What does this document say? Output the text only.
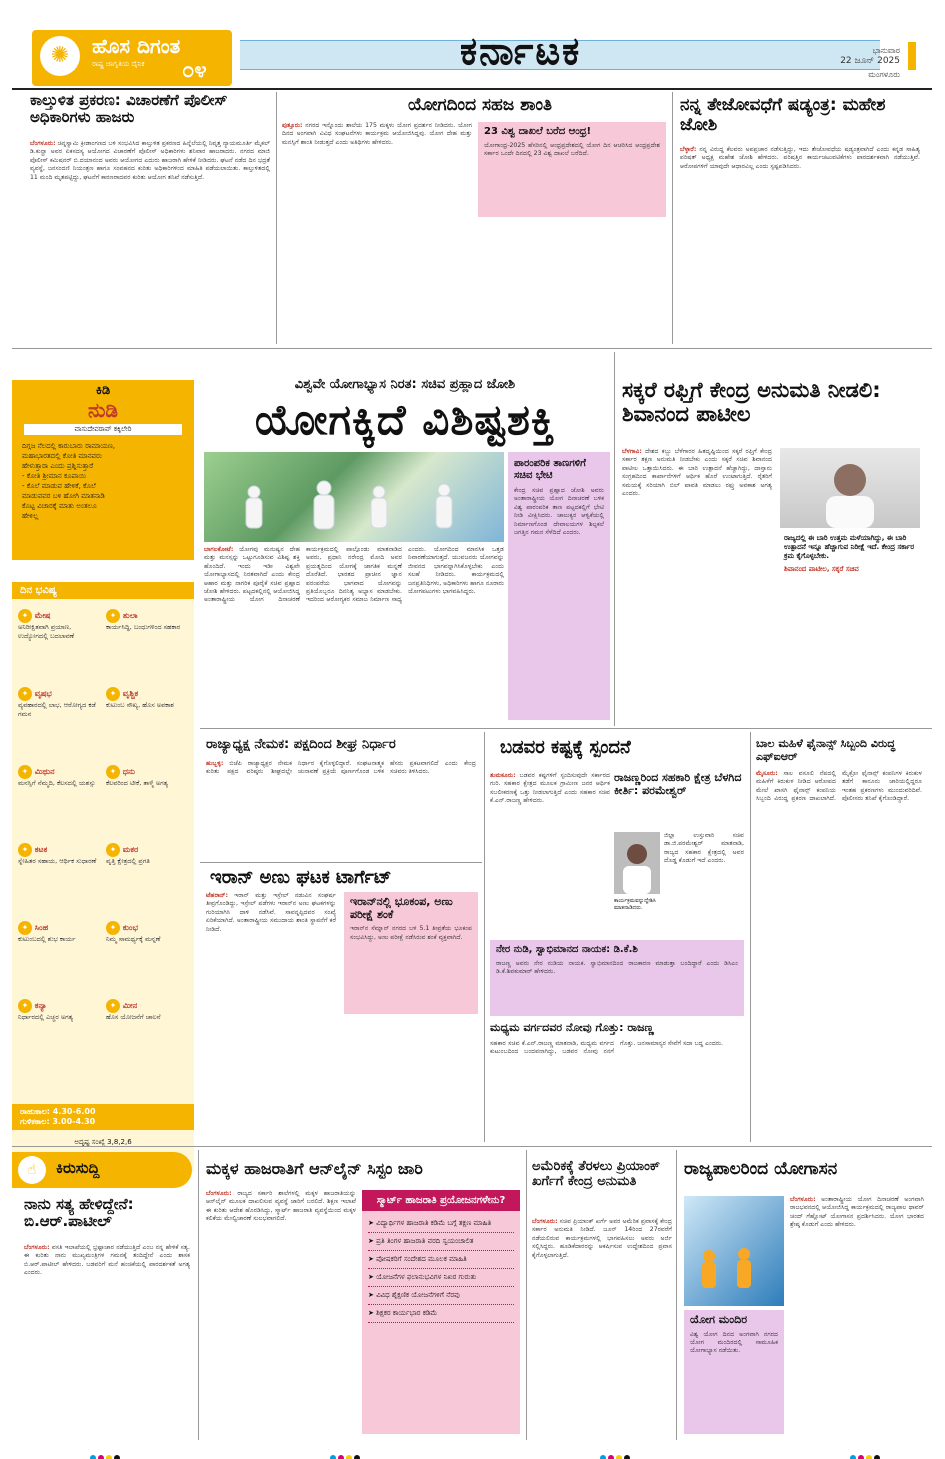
✺	ಹೊಸ ದಿಗಂತ
ರಾಷ್ಟ್ರ ಜಾಗೃತಿಯ ದೈನಿಕ ೦೪	ಕರ್ನಾಟಕ	ಭಾನುವಾರ
22 ಜೂನ್ 2025
ಮಂಗಳೂರು
ಕಾಲ್ತುಳಿತ ಪ್ರಕರಣ: ವಿಚಾರಣೆಗೆ ಪೊಲೀಸ್ ಅಧಿಕಾರಿಗಳು ಹಾಜರು
ಬೆಂಗಳೂರು: ಚಿನ್ನಸ್ವಾಮಿ ಕ್ರೀಡಾಂಗಣದ ಬಳಿ ಸಂಭವಿಸಿದ ಕಾಲ್ತುಳಿತ ಪ್ರಕರಣದ ಹಿನ್ನೆಲೆಯಲ್ಲಿ ನಿವೃತ್ತ ನ್ಯಾಯಮೂರ್ತಿ ಮೈಕಲ್ ಡಿ.ಕುನ್ಹಾ ಅವರ ಏಕಸದಸ್ಯ ಆಯೋಗದ ವಿಚಾರಣೆಗೆ ಪೊಲೀಸ್ ಅಧಿಕಾರಿಗಳು ಶನಿವಾರ ಹಾಜರಾದರು. ನಗರದ ಮಾಜಿ ಪೊಲೀಸ್ ಕಮಿಷನರ್ ಬಿ.ದಯಾನಂದ ಅವರು ಆಯೋಗದ ಎದುರು ಹಾಜರಾಗಿ ಹೇಳಿಕೆ ನೀಡಿದರು. ಘಟನೆ ನಡೆದ ದಿನ ಭದ್ರತೆ ವ್ಯವಸ್ಥೆ, ಜನಸಂದಣಿ ನಿಯಂತ್ರಣ ಹಾಗೂ ಸಂವಹನದ ಕುರಿತು ಅಧಿಕಾರಿಗಳಿಂದ ಮಾಹಿತಿ ಪಡೆಯಲಾಯಿತು. ಕಾಲ್ತುಳಿತದಲ್ಲಿ 11 ಮಂದಿ ಮೃತಪಟ್ಟಿದ್ದು, ಘಟನೆಗೆ ಕಾರಣರಾದವರ ಕುರಿತು ಆಯೋಗ ತನಿಖೆ ನಡೆಸುತ್ತಿದೆ.
ಯೋಗದಿಂದ ಸಹಜ ಶಾಂತಿ
ಪುತ್ತೂರು: ನಗರದ ಇನ್ನೊಂದು ಶಾಲೆಯ 175 ಮಕ್ಕಳು ಯೋಗ ಪ್ರದರ್ಶನ ನೀಡಿದರು. ಯೋಗ ದಿನದ ಅಂಗವಾಗಿ ವಿವಿಧ ಸಂಘಟನೆಗಳು ಕಾರ್ಯಕ್ರಮ ಆಯೋಜಿಸಿದ್ದವು. ಯೋಗ ದೇಹ ಮತ್ತು ಮನಸ್ಸಿಗೆ ಶಾಂತಿ ನೀಡುತ್ತದೆ ಎಂದು ಅತಿಥಿಗಳು ಹೇಳಿದರು.
23 ವಿಶ್ವ ದಾಖಲೆ ಬರೆದ ಆಂಧ್ರ!
ಯೋಗಾಂಧ್ರ-2025 ಹೆಸರಿನಲ್ಲಿ ಆಂಧ್ರಪ್ರದೇಶದಲ್ಲಿ ಯೋಗ ದಿನ ಆಚರಿಸಿದ ಆಂಧ್ರಪ್ರದೇಶ ಸರ್ಕಾರ ಒಂದೇ ದಿನದಲ್ಲಿ 23 ವಿಶ್ವ ದಾಖಲೆ ಬರೆದಿದೆ.
ನನ್ನ ತೇಜೋವಧೆಗೆ ಷಡ್ಯಂತ್ರ: ಮಹೇಶ ಜೋಶಿ
ಬೆಳ್ಳಾರೆ: ನನ್ನ ವಿರುದ್ಧ ಕೆಲವರು ಅಪಪ್ರಚಾರ ನಡೆಸುತ್ತಿದ್ದು, ಇದು ತೇಜೋವಧೆಯ ಷಡ್ಯಂತ್ರವಾಗಿದೆ ಎಂದು ಕನ್ನಡ ಸಾಹಿತ್ಯ ಪರಿಷತ್ ಅಧ್ಯಕ್ಷ ಮಹೇಶ ಜೋಶಿ ಹೇಳಿದರು. ಪರಿಷತ್ತಿನ ಕಾರ್ಯಚಟುವಟಿಕೆಗಳು ಪಾರದರ್ಶಕವಾಗಿ ನಡೆಯುತ್ತಿವೆ. ಆರೋಪಗಳಿಗೆ ಯಾವುದೇ ಆಧಾರವಿಲ್ಲ ಎಂದು ಸ್ಪಷ್ಟಪಡಿಸಿದರು.
ಕಿಡಿ
ನುಡಿ
ವಾಸುದೇವರಾವ್ ಕಕ್ಕಿಲೇರಿ
ದಿಗ್ಗಜ ನೆಲದಲ್ಲಿ ಕಾರುಬಾರು ರಾಮಾಯಣ,
ಮಹಾಭಾರತದಲ್ಲಿ ಕೋತಿ ಮಾನವರು
ಹೇಳುತ್ತಾರಾ ಎಂದು ಪ್ರಶ್ನಿಸುತ್ತಾರೆ
- ಕೋತಿ ಶ್ರೀಮಾನ ಕೂಪಾಯಿ
- ಕೊಲೆ ಮಾಡುವ ಹೇಳಿಕೆ, ಕೊಲೆ
ಮಾಡುವವರ ಬಳಿ ಹೋಗಿ ಮಾತನಾಡಿ
ಕೊಟ್ಟ ವಿಚಾರಕ್ಕೆ ಮಾತು ಅಂತಲೂ
ಹೇಳಿಲ್ಲ
ದಿನ ಭವಿಷ್ಯ
✦ ಮೇಷ
ಅನಿರೀಕ್ಷಿತವಾಗಿ ಪ್ರಯಾಣ, ಉದ್ಯೋಗದಲ್ಲಿ ಬದಲಾವಣೆ
✦ ತುಲಾ
ಕಾರ್ಯಸಿದ್ಧಿ, ಬಂಧುಗಳಿಂದ ಸಹಕಾರ
✦ ವೃಷಭ
ವ್ಯವಹಾರದಲ್ಲಿ ಲಾಭ, ಆರೋಗ್ಯದ ಕಡೆ ಗಮನ
✦ ವೃಶ್ಚಿಕ
ಕುಟುಂಬ ಸೌಖ್ಯ, ಹೊಸ ಅವಕಾಶ
✦ ಮಿಥುನ
ಮನಸ್ಸಿಗೆ ನೆಮ್ಮದಿ, ಕೆಲಸದಲ್ಲಿ ಯಶಸ್ಸು
✦ ಧನು
ಕೆಲವರಿಂದ ಟೀಕೆ, ತಾಳ್ಮೆ ಅಗತ್ಯ
✦ ಕಟಕ
ಸ್ನೇಹಿತರ ಸಹಾಯ, ಆರ್ಥಿಕ ಸುಧಾರಣೆ
✦ ಮಕರ
ವೃತ್ತಿ ಕ್ಷೇತ್ರದಲ್ಲಿ ಪ್ರಗತಿ
✦ ಸಿಂಹ
ಕುಟುಂಬದಲ್ಲಿ ಶುಭ ಕಾರ್ಯ
✦ ಕುಂಭ
ನಿಮ್ಮ ಸಾಮರ್ಥ್ಯಕ್ಕೆ ಮನ್ನಣೆ
✦ ಕನ್ಯಾ
ನಿರ್ಧಾರದಲ್ಲಿ ಎಚ್ಚರ ಅಗತ್ಯ
✦ ಮೀನ
ಹೊಸ ಯೋಜನೆಗೆ ಚಾಲನೆ
ರಾಹುಕಾಲ: 4.30-6.00
ಗುಳಿಕಕಾಲ: 3.00-4.30
ಅದೃಷ್ಟ ಸಂಖ್ಯೆ 3,8,2,6
ವಿಶ್ವವೇ ಯೋಗಾಭ್ಯಾಸ ನಿರತ: ಸಚಿವ ಪ್ರಹ್ಲಾದ ಜೋಶಿ
ಯೋಗಕ್ಕಿದೆ ವಿಶಿಷ್ಟಶಕ್ತಿ
ಪಾರಂಪರಿಕ ತಾಣಗಳಿಗೆ ಸಚಿವ ಭೇಟಿ
ಕೇಂದ್ರ ಸಚಿವ ಪ್ರಹ್ಲಾದ ಜೋಶಿ ಅವರು ಅಂತಾರಾಷ್ಟ್ರೀಯ ಯೋಗ ದಿನಾಚರಣೆ ಬಳಿಕ ವಿಶ್ವ ಪಾರಂಪರಿಕ ತಾಣ ಪಟ್ಟದಕಲ್ಲಿಗೆ ಭೇಟಿ ನೀಡಿ ವೀಕ್ಷಿಸಿದರು. ಚಾಲುಕ್ಯರ ಆಳ್ವಿಕೆಯಲ್ಲಿ ನಿರ್ಮಾಣಗೊಂಡ ದೇವಾಲಯಗಳ ಶಿಲ್ಪಕಲೆ ಜಗತ್ತಿನ ಗಮನ ಸೆಳೆದಿದೆ ಎಂದರು.
ಬಾಗಲಕೋಟೆ: ಯೋಗವು ಮನುಷ್ಯನ ದೇಹ ಮತ್ತು ಮನಸ್ಸನ್ನು ಒಟ್ಟುಗೂಡಿಸುವ ವಿಶಿಷ್ಟ ಶಕ್ತಿ ಹೊಂದಿದೆ. ಇಂದು ಇಡೀ ವಿಶ್ವವೇ ಯೋಗಾಭ್ಯಾಸದಲ್ಲಿ ನಿರತವಾಗಿದೆ ಎಂದು ಕೇಂದ್ರ ಆಹಾರ ಮತ್ತು ನಾಗರಿಕ ಪೂರೈಕೆ ಸಚಿವ ಪ್ರಹ್ಲಾದ ಜೋಶಿ ಹೇಳಿದರು. ಪಟ್ಟದಕಲ್ಲಿನಲ್ಲಿ ಆಯೋಜಿಸಿದ್ದ ಅಂತಾರಾಷ್ಟ್ರೀಯ ಯೋಗ ದಿನಾಚರಣೆ ಕಾರ್ಯಕ್ರಮದಲ್ಲಿ ಪಾಲ್ಗೊಂಡು ಮಾತನಾಡಿದ ಅವರು, ಪ್ರಧಾನಿ ನರೇಂದ್ರ ಮೋದಿ ಅವರ ಪ್ರಯತ್ನದಿಂದ ಯೋಗಕ್ಕೆ ಜಾಗತಿಕ ಮನ್ನಣೆ ದೊರೆತಿದೆ. ಭಾರತದ ಪ್ರಾಚೀನ ಜ್ಞಾನ ಪರಂಪರೆಯ ಭಾಗವಾದ ಯೋಗವನ್ನು ಪ್ರತಿಯೊಬ್ಬರೂ ದಿನನಿತ್ಯ ಅಭ್ಯಾಸ ಮಾಡಬೇಕು. ಇದರಿಂದ ಆರೋಗ್ಯಕರ ಸಮಾಜ ನಿರ್ಮಾಣ ಸಾಧ್ಯ ಎಂದರು. ಯೋಗದಿಂದ ಮಾನಸಿಕ ಒತ್ತಡ ನಿವಾರಣೆಯಾಗುತ್ತದೆ. ಯುವಜನರು ಯೋಗವನ್ನು ಜೀವನದ ಭಾಗವನ್ನಾಗಿಸಿಕೊಳ್ಳಬೇಕು ಎಂದು ಸಲಹೆ ನೀಡಿದರು. ಕಾರ್ಯಕ್ರಮದಲ್ಲಿ ಜನಪ್ರತಿನಿಧಿಗಳು, ಅಧಿಕಾರಿಗಳು ಹಾಗೂ ನೂರಾರು ಯೋಗಪಟುಗಳು ಭಾಗವಹಿಸಿದ್ದರು.
ಸಕ್ಕರೆ ರಫ್ತಿಗೆ ಕೇಂದ್ರ ಅನುಮತಿ ನೀಡಲಿ: ಶಿವಾನಂದ ಪಾಟೀಲ
ಬೆಳಗಾವಿ: ದೇಶದ ಕಬ್ಬು ಬೆಳೆಗಾರರ ಹಿತದೃಷ್ಟಿಯಿಂದ ಸಕ್ಕರೆ ರಫ್ತಿಗೆ ಕೇಂದ್ರ ಸರ್ಕಾರ ತಕ್ಷಣ ಅನುಮತಿ ನೀಡಬೇಕು ಎಂದು ಸಕ್ಕರೆ ಸಚಿವ ಶಿವಾನಂದ ಪಾಟೀಲ ಒತ್ತಾಯಿಸಿದರು. ಈ ಬಾರಿ ಉತ್ಪಾದನೆ ಹೆಚ್ಚಾಗಿದ್ದು, ದಾಸ್ತಾನು ಸಂಗ್ರಹದಿಂದ ಕಾರ್ಖಾನೆಗಳಿಗೆ ಆರ್ಥಿಕ ಹೊರೆ ಉಂಟಾಗುತ್ತಿದೆ. ರೈತರಿಗೆ ಸಮಯಕ್ಕೆ ಸರಿಯಾಗಿ ಬಿಲ್ ಪಾವತಿ ಮಾಡಲು ರಫ್ತು ಅವಕಾಶ ಅಗತ್ಯ ಎಂದರು.
ರಾಜ್ಯದಲ್ಲಿ ಈ ಬಾರಿ ಉತ್ತಮ ಮಳೆಯಾಗಿದ್ದು, ಈ ಬಾರಿ ಉತ್ಪಾದನೆ ಇನ್ನೂ ಹೆಚ್ಚಾಗುವ ನಿರೀಕ್ಷೆ ಇದೆ. ಕೇಂದ್ರ ಸರ್ಕಾರ ಕ್ರಮ ಕೈಗೊಳ್ಳಬೇಕು.
ಶಿವಾನಂದ ಪಾಟೀಲ, ಸಕ್ಕರೆ ಸಚಿವ
ರಾಜ್ಯಾಧ್ಯಕ್ಷ ನೇಮಕ: ಪಕ್ಷದಿಂದ ಶೀಘ್ರ ನಿರ್ಧಾರ
ಹುಬ್ಬಳ್ಳಿ: ಬಿಜೆಪಿ ರಾಜ್ಯಾಧ್ಯಕ್ಷರ ನೇಮಕ ಕುರಿತು ಪಕ್ಷದ ವರಿಷ್ಠರು ಶೀಘ್ರದಲ್ಲೇ ನಿರ್ಧಾರ ಕೈಗೊಳ್ಳಲಿದ್ದಾರೆ. ಸಂಘಟನಾತ್ಮಕ ಚುನಾವಣೆ ಪ್ರಕ್ರಿಯೆ ಪೂರ್ಣಗೊಂಡ ಬಳಿಕ ಹೆಸರು ಪ್ರಕಟವಾಗಲಿದೆ ಎಂದು ಕೇಂದ್ರ ಸಚಿವರು ತಿಳಿಸಿದರು.
ಇರಾನ್ ಅಣು ಘಟಕ ಟಾರ್ಗೆಟ್
ಟೆಹರಾನ್: ಇರಾನ್ ಮತ್ತು ಇಸ್ರೇಲ್ ನಡುವಿನ ಸಂಘರ್ಷ ತೀವ್ರಗೊಂಡಿದ್ದು, ಇಸ್ರೇಲ್ ಪಡೆಗಳು ಇರಾನ್‌ನ ಅಣು ಘಟಕಗಳನ್ನು ಗುರಿಯಾಗಿಸಿ ದಾಳಿ ನಡೆಸಿವೆ. ಸಾವನ್ನಪ್ಪಿದವರ ಸಂಖ್ಯೆ ಏರಿಕೆಯಾಗಿದೆ. ಅಂತಾರಾಷ್ಟ್ರೀಯ ಸಮುದಾಯ ಶಾಂತಿ ಸ್ಥಾಪನೆಗೆ ಕರೆ ನೀಡಿದೆ.
ಇರಾನ್‌ನಲ್ಲಿ ಭೂಕಂಪ, ಅಣು ಪರೀಕ್ಷೆ ಶಂಕೆ
ಇರಾನ್‌ನ ಸೆಮ್ನಾನ್ ನಗರದ ಬಳಿ 5.1 ತೀವ್ರತೆಯ ಭೂಕಂಪ ಸಂಭವಿಸಿದ್ದು, ಅಣು ಪರೀಕ್ಷೆ ನಡೆಸಿರುವ ಶಂಕೆ ವ್ಯಕ್ತವಾಗಿದೆ.
ಬಡವರ ಕಷ್ಟಕ್ಕೆ ಸ್ಪಂದನೆ
ತುಮಕೂರು: ಬಡವರ ಕಷ್ಟಗಳಿಗೆ ಸ್ಪಂದಿಸುವುದೇ ಸರ್ಕಾರದ ಗುರಿ. ಸಹಕಾರ ಕ್ಷೇತ್ರದ ಮೂಲಕ ಗ್ರಾಮೀಣ ಜನರ ಆರ್ಥಿಕ ಸಬಲೀಕರಣಕ್ಕೆ ಒತ್ತು ನೀಡಲಾಗುತ್ತಿದೆ ಎಂದು ಸಹಕಾರ ಸಚಿವ ಕೆ.ಎನ್.ರಾಜಣ್ಣ ಹೇಳಿದರು.
ರಾಜಣ್ಣರಿಂದ ಸಹಕಾರಿ ಕ್ಷೇತ್ರ ಬೆಳಗಿದ ಕೀರ್ತಿ: ಪರಮೇಶ್ವರ್
ಜಿಲ್ಲಾ ಉಸ್ತುವಾರಿ ಸಚಿವ ಡಾ.ಜಿ.ಪರಮೇಶ್ವರ್ ಮಾತನಾಡಿ, ರಾಜ್ಯದ ಸಹಕಾರ ಕ್ಷೇತ್ರದಲ್ಲಿ ಅವರ ದೊಡ್ಡ ಕೊಡುಗೆ ಇದೆ ಎಂದರು.
ಕಾರ್ಯಕ್ರಮವನ್ನುದ್ದೇಶಿಸಿ ಮಾತನಾಡಿದರು.
ನೇರ ನುಡಿ, ಸ್ವಾಭಿಮಾನದ ನಾಯಕ: ಡಿ.ಕೆ.ಶಿ
ರಾಜಣ್ಣ ಅವರು ನೇರ ನುಡಿಯ ನಾಯಕ. ಸ್ವಾಭಿಮಾನದಿಂದ ರಾಜಕಾರಣ ಮಾಡುತ್ತಾ ಬಂದಿದ್ದಾರೆ ಎಂದು ಡಿಸಿಎಂ ಡಿ.ಕೆ.ಶಿವಕುಮಾರ್ ಹೇಳಿದರು.
ಮಧ್ಯಮ ವರ್ಗದವರ ನೋವು ಗೊತ್ತು: ರಾಜಣ್ಣ
ಸಹಕಾರ ಸಚಿವ ಕೆ.ಎನ್.ರಾಜಣ್ಣ ಮಾತನಾಡಿ, ಮಧ್ಯಮ ವರ್ಗದ ಕುಟುಂಬದಿಂದ ಬಂದವನಾಗಿದ್ದು, ಬಡವರ ನೋವು ನನಗೆ ಗೊತ್ತು. ಜನಸಾಮಾನ್ಯರ ಸೇವೆಗೆ ಸದಾ ಬದ್ಧ ಎಂದರು.
ಬಾಲ ಮಹಿಳೆ ಫೈನಾನ್ಸ್ ಸಿಬ್ಬಂದಿ ವಿರುದ್ಧ ಎಫ್‌ಐಆರ್
ಮೈಸೂರು: ಸಾಲ ವಸೂಲಿ ನೆಪದಲ್ಲಿ ಮಹಿಳೆಗೆ ಕಿರುಕುಳ ನೀಡಿದ ಆರೋಪದ ಮೇಲೆ ಖಾಸಗಿ ಫೈನಾನ್ಸ್ ಕಂಪನಿಯ ಸಿಬ್ಬಂದಿ ವಿರುದ್ಧ ಪ್ರಕರಣ ದಾಖಲಾಗಿದೆ. ಮೈಕ್ರೋ ಫೈನಾನ್ಸ್ ಕಂಪನಿಗಳ ಕಿರುಕುಳ ತಡೆಗೆ ಕಾನೂನು ಜಾರಿಯಲ್ಲಿದ್ದರೂ ಇಂತಹ ಪ್ರಕರಣಗಳು ಮುಂದುವರಿದಿವೆ. ಪೊಲೀಸರು ತನಿಖೆ ಕೈಗೊಂಡಿದ್ದಾರೆ.
☝	ಕಿರುಸುದ್ದಿ
ನಾನು ಸತ್ಯ ಹೇಳಿದ್ದೇನೆ: ಬಿ.ಆರ್.ಪಾಟೀಲ್
ಬೆಂಗಳೂರು: ವಸತಿ ಇಲಾಖೆಯಲ್ಲಿ ಭ್ರಷ್ಟಾಚಾರ ನಡೆಯುತ್ತಿದೆ ಎಂಬ ನನ್ನ ಹೇಳಿಕೆ ಸತ್ಯ. ಈ ಕುರಿತು ನಾನು ಮುಖ್ಯಮಂತ್ರಿಗಳ ಗಮನಕ್ಕೆ ತಂದಿದ್ದೇನೆ ಎಂದು ಶಾಸಕ ಬಿ.ಆರ್.ಪಾಟೀಲ್ ಹೇಳಿದರು. ಬಡವರಿಗೆ ಮನೆ ಹಂಚಿಕೆಯಲ್ಲಿ ಪಾರದರ್ಶಕತೆ ಅಗತ್ಯ ಎಂದರು.
ಮಕ್ಕಳ ಹಾಜರಾತಿಗೆ ಆನ್‌ಲೈನ್ ಸಿಸ್ಟಂ ಜಾರಿ
ಬೆಂಗಳೂರು: ರಾಜ್ಯದ ಸರ್ಕಾರಿ ಶಾಲೆಗಳಲ್ಲಿ ಮಕ್ಕಳ ಹಾಜರಾತಿಯನ್ನು ಆನ್‌ಲೈನ್ ಮೂಲಕ ದಾಖಲಿಸುವ ವ್ಯವಸ್ಥೆ ಜಾರಿಗೆ ಬರಲಿದೆ. ಶಿಕ್ಷಣ ಇಲಾಖೆ ಈ ಕುರಿತು ಆದೇಶ ಹೊರಡಿಸಿದ್ದು, ಸ್ಮಾರ್ಟ್ ಹಾಜರಾತಿ ವ್ಯವಸ್ಥೆಯಿಂದ ಮಕ್ಕಳ ಕಲಿಕೆಯ ಮೇಲ್ವಿಚಾರಣೆ ಸುಲಭವಾಗಲಿದೆ.
ಸ್ಮಾರ್ಟ್ ಹಾಜರಾತಿ ಪ್ರಯೋಜನಗಳೇನು?
➤ ವಿದ್ಯಾರ್ಥಿಗಳ ಹಾಜರಾತಿ ಕಡಿಮೆ ಬಗ್ಗೆ ತಕ್ಷಣ ಮಾಹಿತಿ
➤ ಪ್ರತಿ ತಿಂಗಳ ಹಾಜರಾತಿ ವರದಿ ಸ್ವಯಂಚಾಲಿತ
➤ ಪೋಷಕರಿಗೆ ಸಂದೇಶದ ಮೂಲಕ ಮಾಹಿತಿ
➤ ಯೋಜನೆಗಳ ಫಲಾನುಭವಿಗಳ ನಿಖರ ಗುರುತು
➤ ವಿವಿಧ ಶೈಕ್ಷಣಿಕ ಯೋಜನೆಗಳಿಗೆ ನೆರವು
➤ ಶಿಕ್ಷಕರ ಕಾರ್ಯಭಾರ ಕಡಿಮೆ
ಅಮೆರಿಕಕ್ಕೆ ತೆರಳಲು ಪ್ರಿಯಾಂಕ್ ಖರ್ಗೆಗೆ ಕೇಂದ್ರ ಅನುಮತಿ
ಬೆಂಗಳೂರು: ಸಚಿವ ಪ್ರಿಯಾಂಕ್ ಖರ್ಗೆ ಅವರ ಅಮೆರಿಕ ಪ್ರವಾಸಕ್ಕೆ ಕೇಂದ್ರ ಸರ್ಕಾರ ಅನುಮತಿ ನೀಡಿದೆ. ಜೂನ್ 14ರಿಂದ 27ರವರೆಗೆ ನಡೆಯಲಿರುವ ಕಾರ್ಯಕ್ರಮಗಳಲ್ಲಿ ಭಾಗವಹಿಸಲು ಅವರು ಅರ್ಜಿ ಸಲ್ಲಿಸಿದ್ದರು. ಹೂಡಿಕೆದಾರರನ್ನು ಆಕರ್ಷಿಸುವ ಉದ್ದೇಶದಿಂದ ಪ್ರವಾಸ ಕೈಗೊಳ್ಳಲಾಗುತ್ತಿದೆ.
ರಾಜ್ಯಪಾಲರಿಂದ ಯೋಗಾಸನ
ಯೋಗ ಮಂದಿರ
ವಿಶ್ವ ಯೋಗ ದಿನದ ಅಂಗವಾಗಿ ನಗರದ ಯೋಗ ಮಂದಿರದಲ್ಲಿ ಸಾಮೂಹಿಕ ಯೋಗಾಭ್ಯಾಸ ನಡೆಯಿತು.
ಬೆಂಗಳೂರು: ಅಂತಾರಾಷ್ಟ್ರೀಯ ಯೋಗ ದಿನಾಚರಣೆ ಅಂಗವಾಗಿ ರಾಜಭವನದಲ್ಲಿ ಆಯೋಜಿಸಿದ್ದ ಕಾರ್ಯಕ್ರಮದಲ್ಲಿ ರಾಜ್ಯಪಾಲ ಥಾವರ್ ಚಂದ್ ಗೆಹ್ಲೋಟ್ ಯೋಗಾಸನ ಪ್ರದರ್ಶಿಸಿದರು. ಯೋಗ ಭಾರತದ ಶ್ರೇಷ್ಠ ಕೊಡುಗೆ ಎಂದು ಹೇಳಿದರು.
